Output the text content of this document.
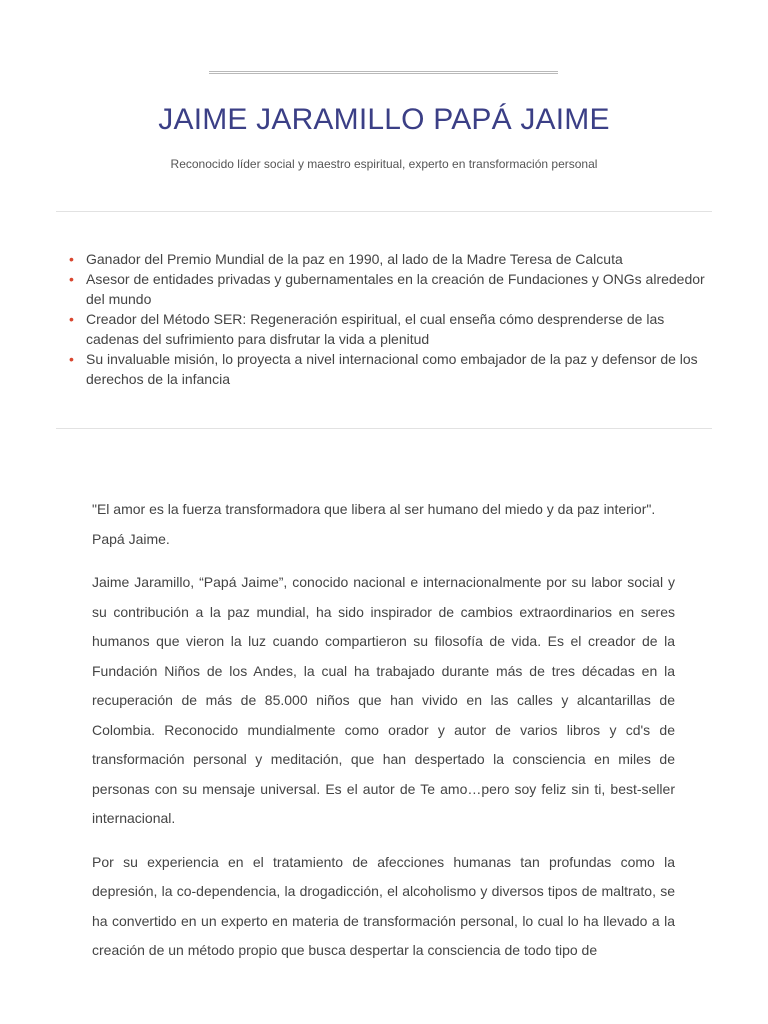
JAIME JARAMILLO PAPÁ JAIME

Reconocido líder social y maestro espiritual, experto en transformación personal

• Ganador del Premio Mundial de la paz en 1990, al lado de la Madre Teresa de Calcuta
• Asesor de entidades privadas y gubernamentales en la creación de Fundaciones y ONGs alrededor del mundo
• Creador del Método SER: Regeneración espiritual, el cual enseña cómo desprenderse de las cadenas del sufrimiento para disfrutar la vida a plenitud
• Su invaluable misión, lo proyecta a nivel internacional como embajador de la paz y defensor de los derechos de la infancia

"El amor es la fuerza transformadora que libera al ser humano del miedo y da paz interior".

Papá Jaime.

Jaime Jaramillo, “Papá Jaime”, conocido nacional e internacionalmente por su labor social y su contribución a la paz mundial, ha sido inspirador de cambios extraordinarios en seres humanos que vieron la luz cuando compartieron su filosofía de vida. Es el creador de la Fundación Niños de los Andes, la cual ha trabajado durante más de tres décadas en la recuperación de más de 85.000 niños que han vivido en las calles y alcantarillas de Colombia. Reconocido mundialmente como orador y autor de varios libros y cd's de transformación personal y meditación, que han despertado la consciencia en miles de personas con su mensaje universal. Es el autor de Te amo…pero soy feliz sin ti, best-seller internacional.

Por su experiencia en el tratamiento de afecciones humanas tan profundas como la depresión, la co-dependencia, la drogadicción, el alcoholismo y diversos tipos de maltrato, se ha convertido en un experto en materia de transformación personal, lo cual lo ha llevado a la creación de un método propio que busca despertar la consciencia de todo tipo de
